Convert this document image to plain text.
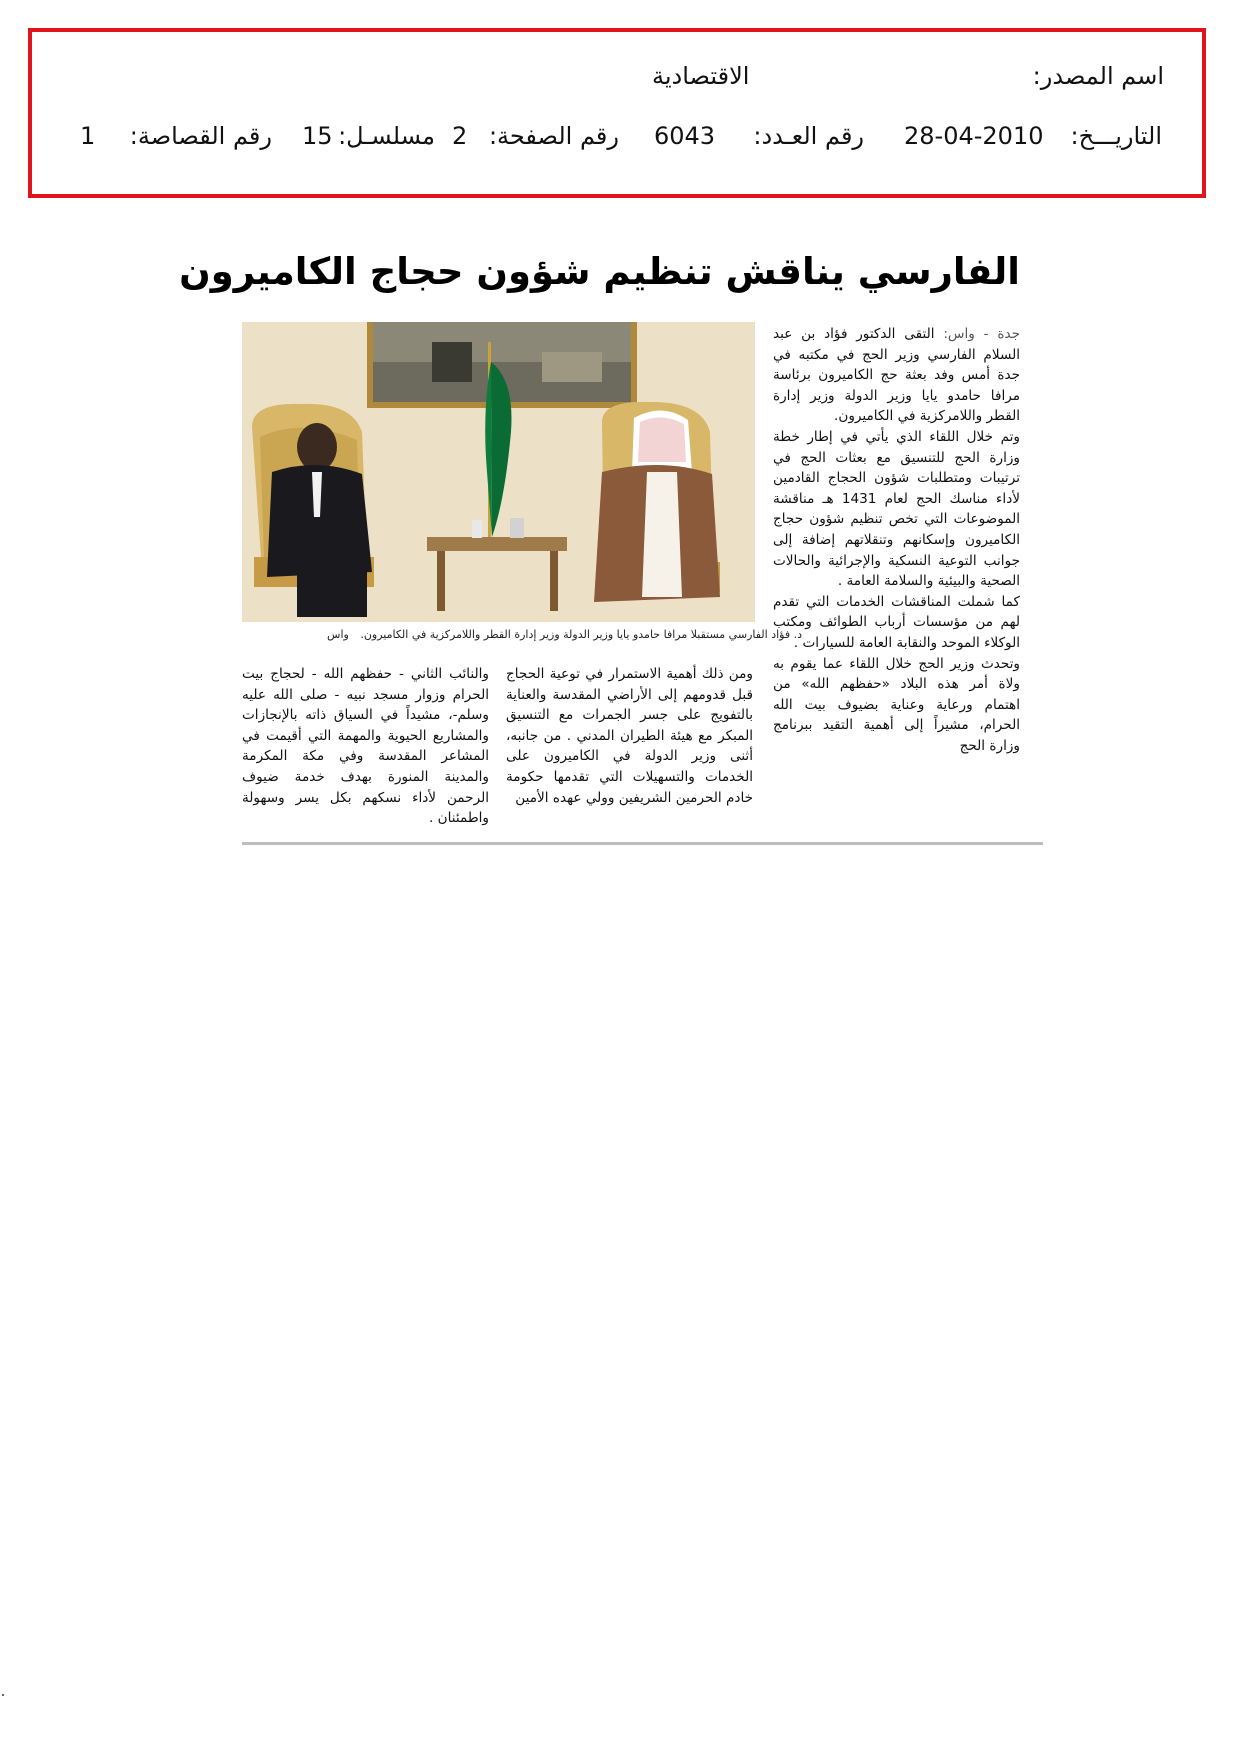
اسم المصدر:
الاقتصادية
التاريـــخ:
28-04-2010
رقم العـدد:
6043
رقم الصفحة:
2
مسلسـل:
15
رقم القصاصة:
1
الفارسي يناقش تنظيم شؤون حجاج الكاميرون
د. فؤاد الفارسي مستقبلا مرافا حامدو يايا وزير الدولة وزير إدارة القطر واللامركزية في الكاميرون. واس

جدة - واس: التقى الدكتور فؤاد بن عبد السلام الفارسي وزير الحج في مكتبه في جدة أمس وفد بعثة حج الكاميرون برئاسة مرافا حامدو يايا وزير الدولة وزير إدارة القطر واللامركزية في الكاميرون.

وتم خلال اللقاء الذي يأتي في إطار خطة وزارة الحج للتنسيق مع بعثات الحج في ترتيبات ومتطلبات شؤون الحجاج القادمين لأداء مناسك الحج لعام 1431 هـ مناقشة الموضوعات التي تخص تنظيم شؤون حجاج الكاميرون وإسكانهم وتنقلاتهم إضافة إلى جوانب التوعية النسكية والإجرائية والحالات الصحية والبيئية والسلامة العامة .

كما شملت المناقشات الخدمات التي تقدم لهم من مؤسسات أرباب الطوائف ومكتب الوكلاء الموحد والنقابة العامة للسيارات .

وتحدث وزير الحج خلال اللقاء عما يقوم به ولاة أمر هذه البلاد «حفظهم الله» من اهتمام ورعاية وعناية بضيوف بيت الله الحرام، مشيراً إلى أهمية التقيد ببرنامج وزارة الحج

ومن ذلك أهمية الاستمرار في توعية الحجاج قبل قدومهم إلى الأراضي المقدسة والعناية بالتفويج على جسر الجمرات مع التنسيق المبكر مع هيئة الطيران المدني . من جانبه، أثنى وزير الدولة في الكاميرون على الخدمات والتسهيلات التي تقدمها حكومة خادم الحرمين الشريفين وولي عهده الأمين

والنائب الثاني - حفظهم الله - لحجاج بيت الحرام وزوار مسجد نبيه - صلى الله عليه وسلم-، مشيداً في السياق ذاته بالإنجازات والمشاريع الحيوية والمهمة التي أقيمت في المشاعر المقدسة وفي مكة المكرمة والمدينة المنورة بهدف خدمة ضيوف الرحمن لأداء نسكهم بكل يسر وسهولة واطمئنان .
